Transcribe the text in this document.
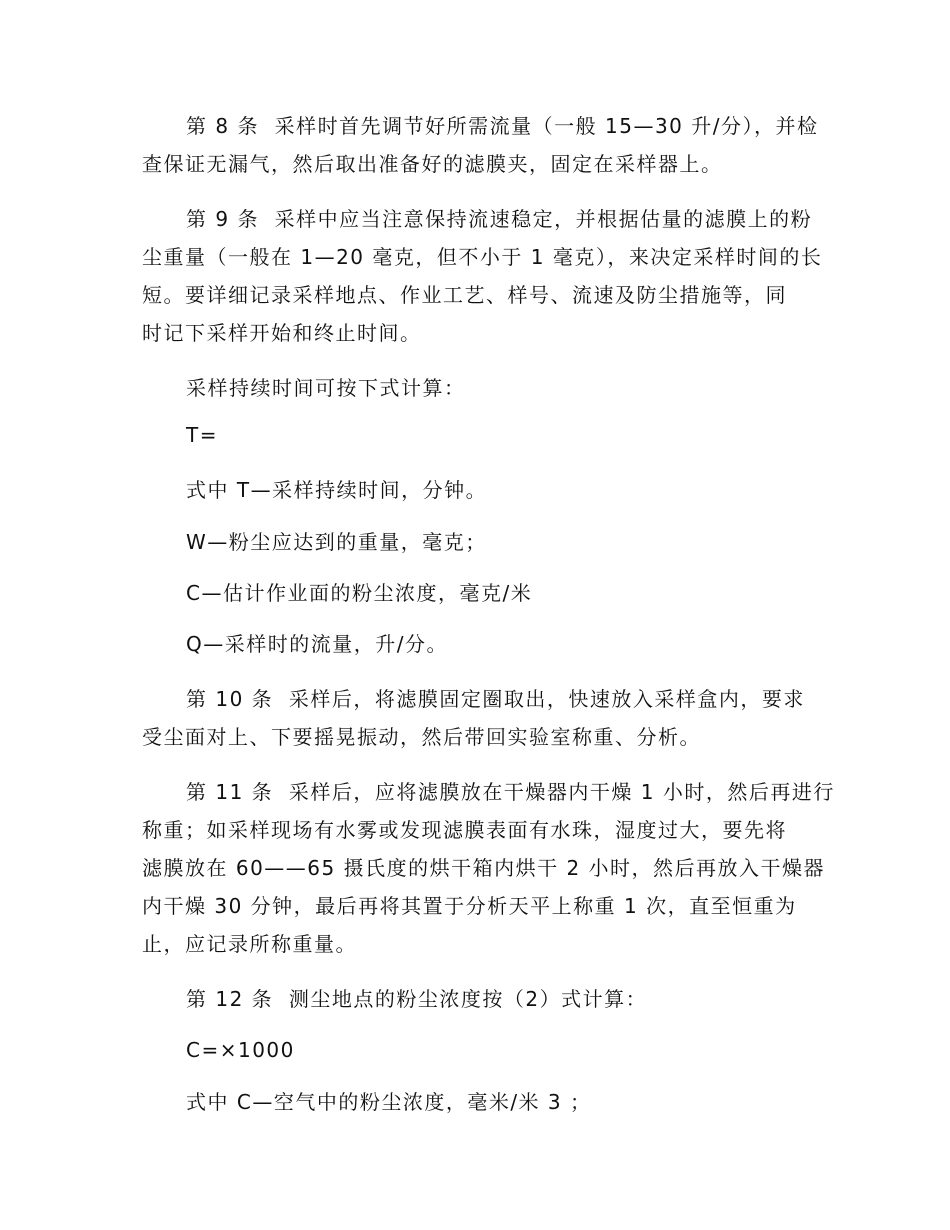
第 8 条  采样时首先调节好所需流量（一般 15—30 升/分），并检
查保证无漏气，然后取出准备好的滤膜夹，固定在采样器上。
第 9 条  采样中应当注意保持流速稳定，并根据估量的滤膜上的粉
尘重量（一般在 1—20 毫克，但不小于 1 毫克），来决定采样时间的长
短。要详细记录采样地点、作业工艺、样号、流速及防尘措施等，同
时记下采样开始和终止时间。
采样持续时间可按下式计算：
T=
式中 T—采样持续时间，分钟。
W—粉尘应达到的重量，毫克；
C—估计作业面的粉尘浓度，毫克/米
Q—采样时的流量，升/分。
第 10 条  采样后，将滤膜固定圈取出，快速放入采样盒内，要求
受尘面对上、下要摇晃振动，然后带回实验室称重、分析。
第 11 条  采样后，应将滤膜放在干燥器内干燥 1 小时，然后再进行
称重；如采样现场有水雾或发现滤膜表面有水珠，湿度过大，要先将
滤膜放在 60——65 摄氏度的烘干箱内烘干 2 小时，然后再放入干燥器
内干燥 30 分钟，最后再将其置于分析天平上称重 1 次，直至恒重为
止，应记录所称重量。
第 12 条  测尘地点的粉尘浓度按（2）式计算：
C=×1000
式中 C—空气中的粉尘浓度，毫米/米 3 ；
